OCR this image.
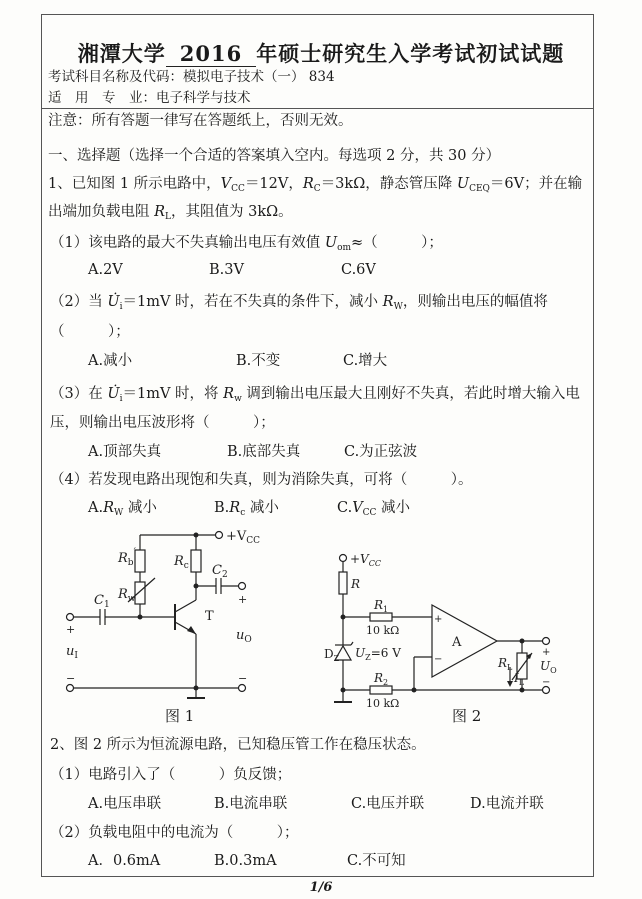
湘潭大学 2016 年硕士研究生入学考试初试试题
考试科目名称及代码：模拟电子技术（一） 834
适　用　专　业：电子科学与技术
注意：所有答题一律写在答题纸上，否则无效。
一、选择题（选择一个合适的答案填入空内。每选项 2 分，共 30 分）
1、已知图 1 所示电路中，$V_{CC}=12V$，$R_C=3k\Omega$，静态管压降 $U_{CEQ}=6V$；并在输
出端加负载电阻 $R_L$，其阻值为 3kΩ。
（1）该电路的最大不失真输出电压有效值 $U_{om}\approx$（　　　）；
A.2V	B.3V	C.6V
（2）当 $U̇_i=1mV$ 时，若在不失真的条件下，减小 $R_W$，则输出电压的幅值将
（　　　）；
A.减小	B.不变	C.增大
（3）在 $U̇_i=1mV$ 时，将 $R_w$ 调到输出电压最大且刚好不失真，若此时增大输入电
压，则输出电压波形将（　　　）；
A.顶部失真	B.底部失真	C.为正弦波
（4）若发现电路出现饱和失真，则为消除失真，可将（　　　）。
$A.R_W$ 减小	$B.R_c$ 减小	$C.V_{CC}$ 减小
$+V_{CC}$
$R_b'$
$R_w$
$R_c$ $C_2$
$C_1$
T
$u_I$
$u_O$
+
+
−	−
图 1
$+V_{CC}$
R
$R_1$
10 kΩ
$R_2$
10 kΩ
$D_Z$ $U_Z=6$ V
A
+
−	$R_L$
$I_L$
$U_O$
+
−
图 2
2、图 2 所示为恒流源电路，已知稳压管工作在稳压状态。
（1）电路引入了（　　　）负反馈；
A.电压串联	B.电流串联	C.电压并联	D.电流并联
（2）负载电阻中的电流为（　　　）；
A．0.6mA	B.0.3mA	C.不可知
1/6
